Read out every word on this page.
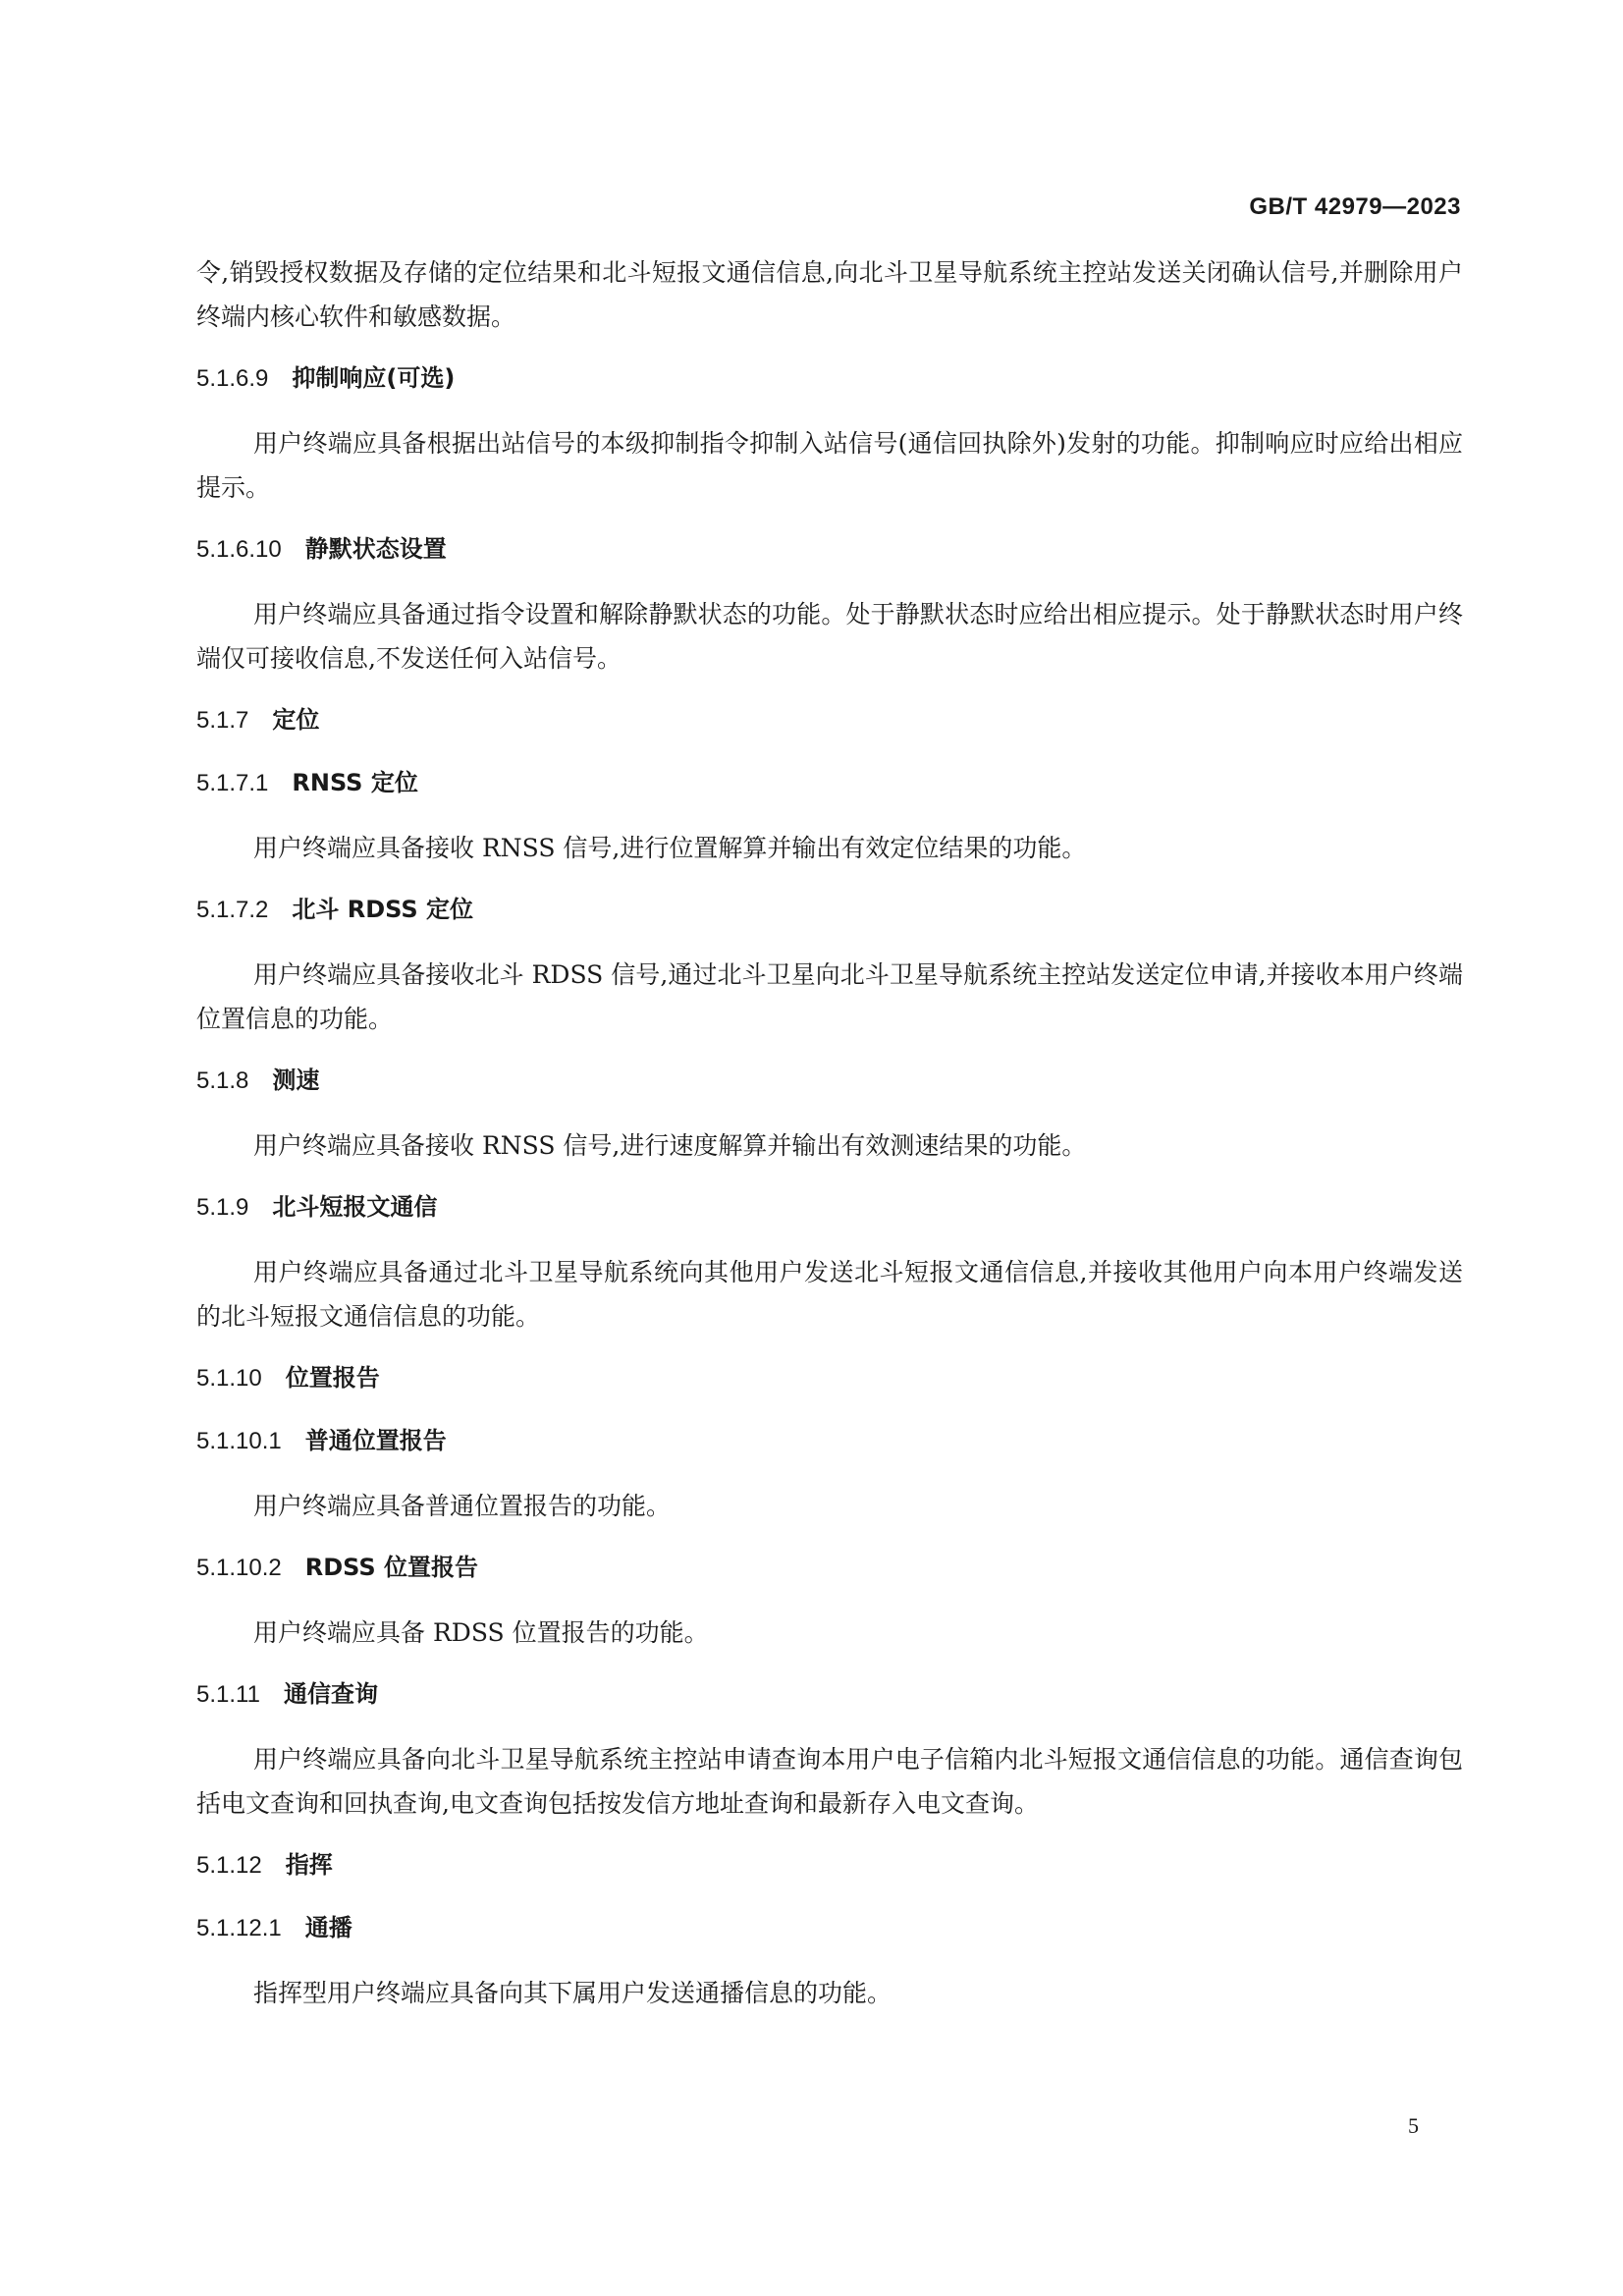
GB/T 42979—2023

令,销毁授权数据及存储的定位结果和北斗短报文通信信息,向北斗卫星导航系统主控站发送关闭确认信号,并删除用户终端内核心软件和敏感数据。

5.1.6.9 抑制响应(可选)

用户终端应具备根据出站信号的本级抑制指令抑制入站信号(通信回执除外)发射的功能。抑制响应时应给出相应提示。

5.1.6.10 静默状态设置

用户终端应具备通过指令设置和解除静默状态的功能。处于静默状态时应给出相应提示。处于静默状态时用户终端仅可接收信息,不发送任何入站信号。

5.1.7 定位
5.1.7.1 RNSS 定位

用户终端应具备接收 RNSS 信号,进行位置解算并输出有效定位结果的功能。

5.1.7.2 北斗 RDSS 定位

用户终端应具备接收北斗 RDSS 信号,通过北斗卫星向北斗卫星导航系统主控站发送定位申请,并接收本用户终端位置信息的功能。

5.1.8 测速

用户终端应具备接收 RNSS 信号,进行速度解算并输出有效测速结果的功能。

5.1.9 北斗短报文通信

用户终端应具备通过北斗卫星导航系统向其他用户发送北斗短报文通信信息,并接收其他用户向本用户终端发送的北斗短报文通信信息的功能。

5.1.10 位置报告
5.1.10.1 普通位置报告

用户终端应具备普通位置报告的功能。

5.1.10.2 RDSS 位置报告

用户终端应具备 RDSS 位置报告的功能。

5.1.11 通信查询

用户终端应具备向北斗卫星导航系统主控站申请查询本用户电子信箱内北斗短报文通信信息的功能。通信查询包括电文查询和回执查询,电文查询包括按发信方地址查询和最新存入电文查询。

5.1.12 指挥
5.1.12.1 通播

指挥型用户终端应具备向其下属用户发送通播信息的功能。

5
